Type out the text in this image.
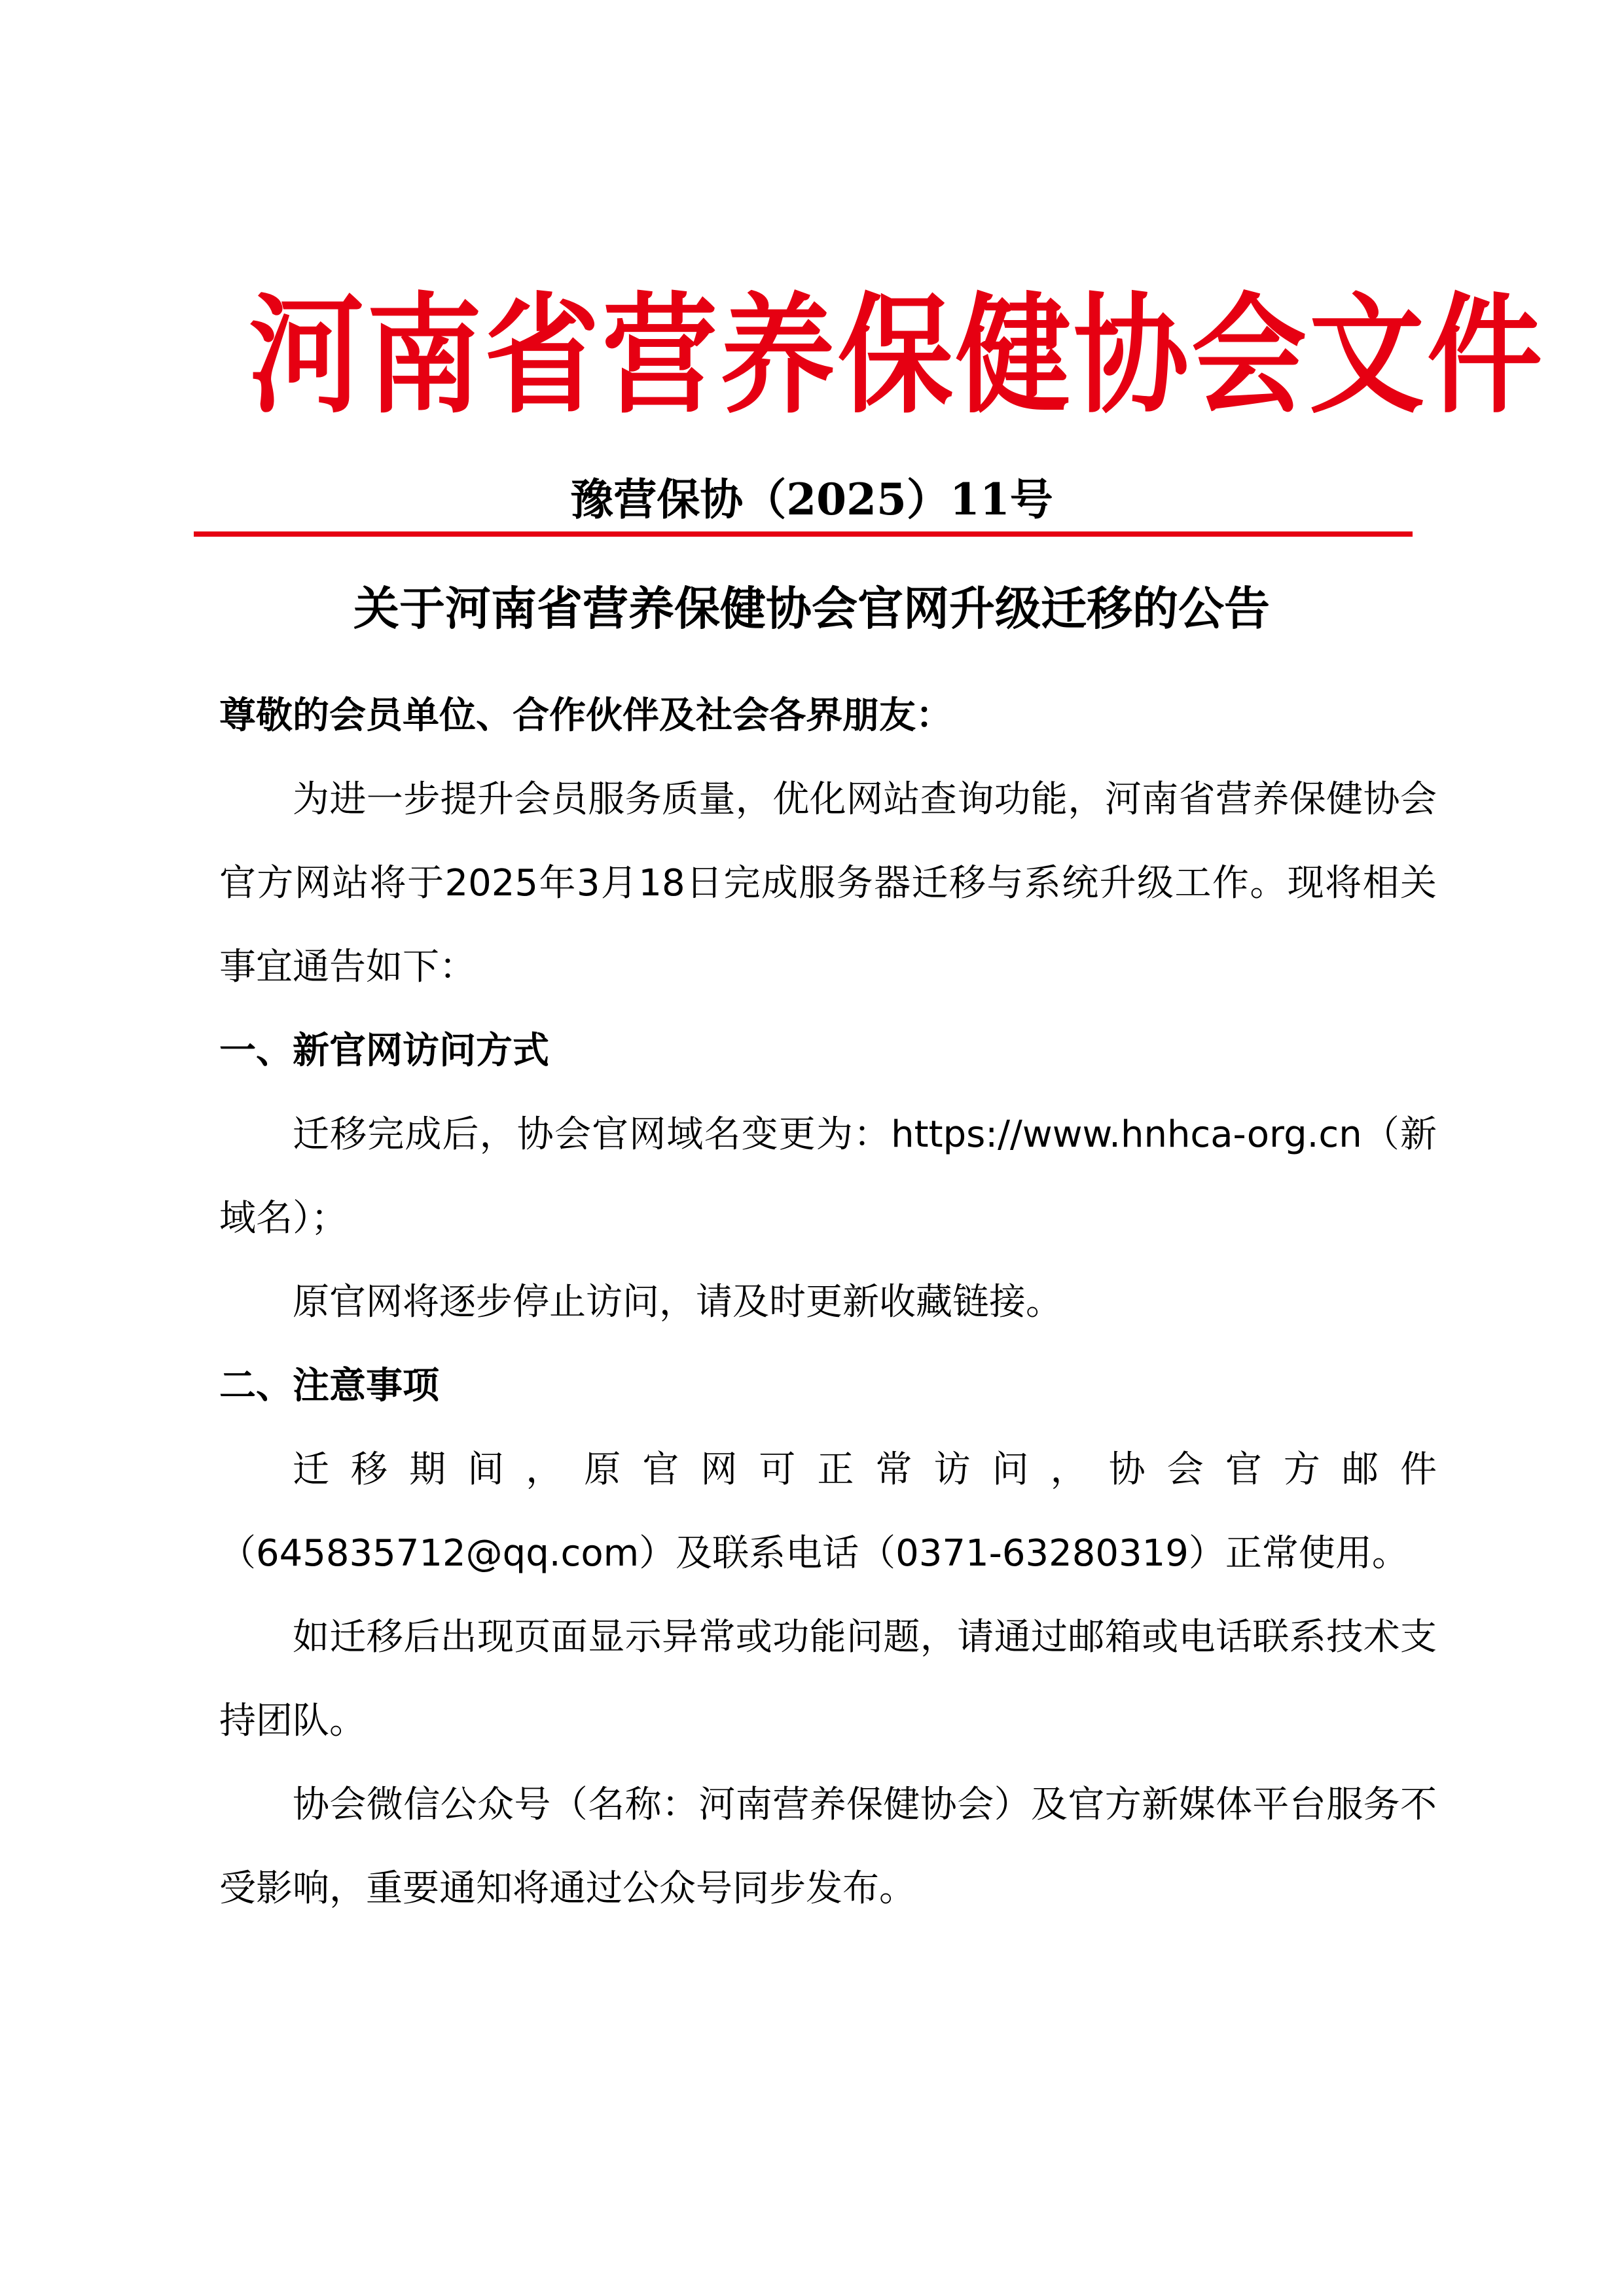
河南省营养保健协会文件
豫营保协（2025）11号
关于河南省营养保健协会官网升级迁移的公告
尊敬的会员单位、合作伙伴及社会各界朋友：
为进一步提升会员服务质量，优化网站查询功能，河南省营养保健协会官方网站将于2025年3月18日完成服务器迁移与系统升级工作。现将相关事宜通告如下：
一、新官网访问方式
迁移完成后，协会官网域名变更为：https://www.hnhca-org.cn（新域名）；
原官网将逐步停止访问，请及时更新收藏链接。
二、注意事项
迁移期间，原官网可正常访问，协会官方邮件（645835712@qq.com）及联系电话（0371-63280319）正常使用。
如迁移后出现页面显示异常或功能问题，请通过邮箱或电话联系技术支持团队。
协会微信公众号（名称：河南营养保健协会）及官方新媒体平台服务不受影响，重要通知将通过公众号同步发布。
